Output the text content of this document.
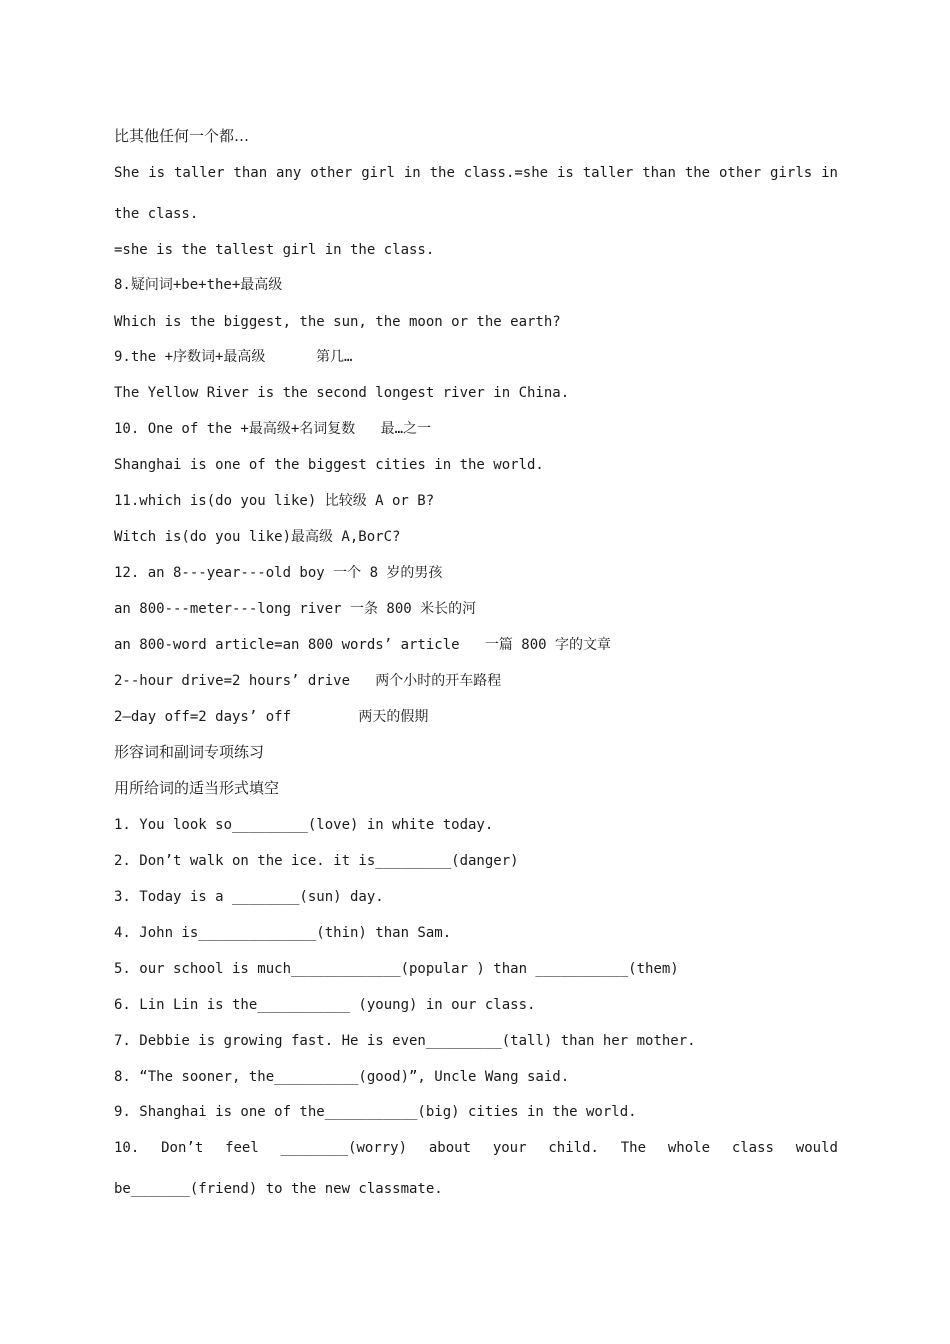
比其他任何一个都…
She is taller than any other girl in the class.=she is taller than the other girls in
the class.
=she is the tallest girl in the class.
8.疑问词+be+the+最高级
Which is the biggest, the sun, the moon or the earth?
9.the +序数词+最高级      第几…
The Yellow River is the second longest river in China.
10. One of the +最高级+名词复数   最…之一
Shanghai is one of the biggest cities in the world.
11.which is(do you like) 比较级 A or B?
Witch is(do you like)最高级 A,BorC?
12. an 8---year---old boy 一个 8 岁的男孩
an 800---meter---long river 一条 800 米长的河
an 800-word article=an 800 words’ article   一篇 800 字的文章
2--hour drive=2 hours’ drive   两个小时的开车路程
2—day off=2 days’ off        两天的假期
形容词和副词专项练习
用所给词的适当形式填空
1. You look so_________(love) in white today.
2. Don’t walk on the ice. it is_________(danger)
3. Today is a ________(sun) day.
4. John is______________(thin) than Sam.
5. our school is much_____________(popular ) than ___________(them)
6. Lin Lin is the___________ (young) in our class.
7. Debbie is growing fast. He is even_________(tall) than her mother.
8. “The sooner, the__________(good)”, Uncle Wang said.
9. Shanghai is one of the___________(big) cities in the world.
10. Don’t feel ________(worry) about your child. The whole class would
be_______(friend) to the new classmate.
